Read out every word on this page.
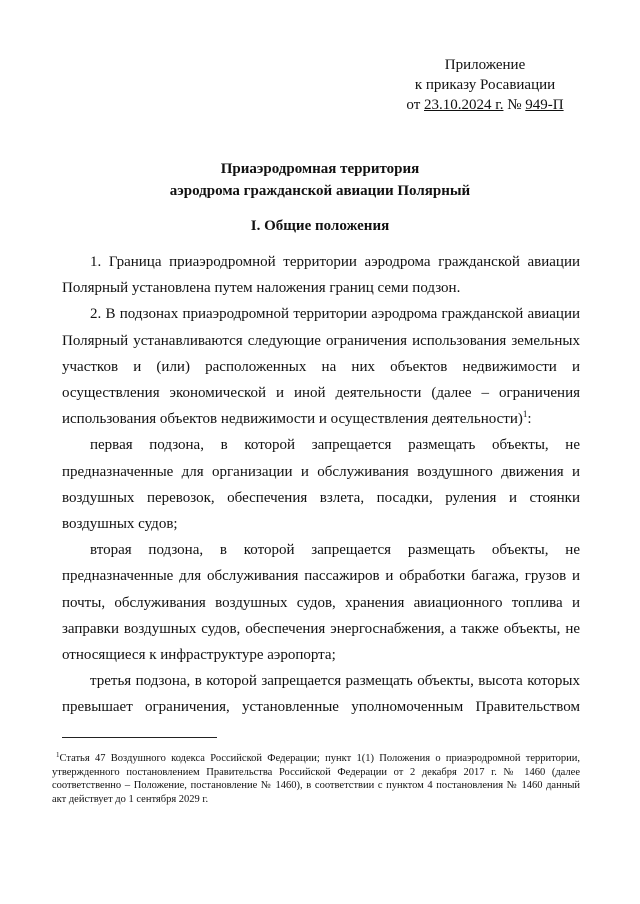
Приложение
к приказу Росавиации
от 23.10.2024 г. № 949-П
Приаэродромная территория
аэродрома гражданской авиации Полярный
I. Общие положения

1. Граница приаэродромной территории аэродрома гражданской авиации Полярный установлена путем наложения границ семи подзон.

2. В подзонах приаэродромной территории аэродрома гражданской авиации Полярный устанавливаются следующие ограничения использования земельных участков и (или) расположенных на них объектов недвижимости и осуществления экономической и иной деятельности (далее – ограничения использования объектов недвижимости и осуществления деятельности)$^1$:

первая подзона, в которой запрещается размещать объекты, не предназначенные для организации и обслуживания воздушного движения и воздушных перевозок, обеспечения взлета, посадки, руления и стоянки воздушных судов;

вторая подзона, в которой запрещается размещать объекты, не предназначенные для обслуживания пассажиров и обработки багажа, грузов и почты, обслуживания воздушных судов, хранения авиационного топлива и заправки воздушных судов, обеспечения энергоснабжения, а также объекты, не относящиеся к инфраструктуре аэропорта;

третья подзона, в которой запрещается размещать объекты, высота которых превышает ограничения, установленные уполномоченным Правительством

$^1$Статья 47 Воздушного кодекса Российской Федерации; пункт 1(1) Положения о приаэродромной территории, утвержденного постановлением Правительства Российской Федерации от 2 декабря 2017 г. № 1460 (далее соответственно – Положение, постановление № 1460), в соответствии с пунктом 4 постановления № 1460 данный акт действует до 1 сентября 2029 г.
